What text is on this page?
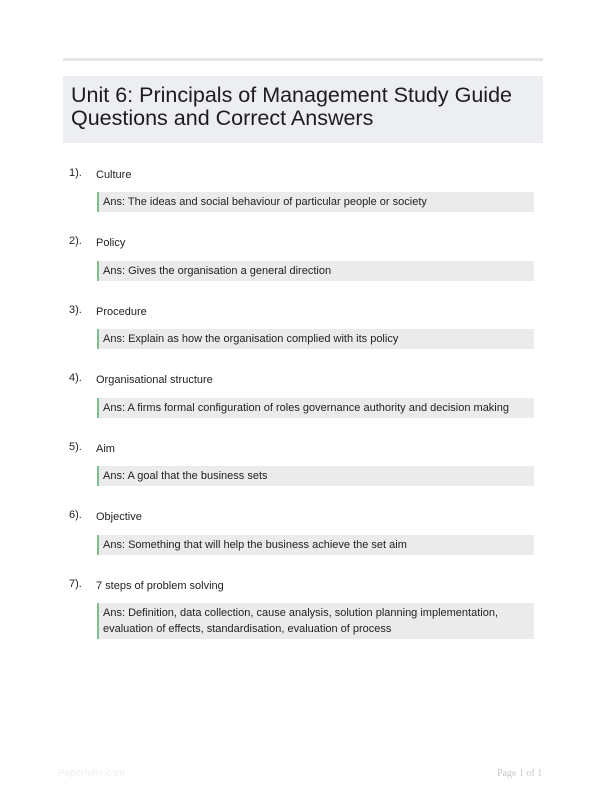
Unit 6: Principals of Management Study Guide
Questions and Correct Answers
1). Culture
Ans: The ideas and social behaviour of particular people or society
2). Policy
Ans: Gives the organisation a general direction
3). Procedure
Ans: Explain as how the organisation complied with its policy
4). Organisational structure
Ans: A firms formal configuration of roles governance authority and decision making
5). Aim
Ans: A goal that the business sets
6). Objective
Ans: Something that will help the business achieve the set aim
7). 7 steps of problem solving
Ans: Definition, data collection, cause analysis, solution planning implementation, evaluation of effects, standardisation, evaluation of process
Paperfolio.com	Page 1 of 1
